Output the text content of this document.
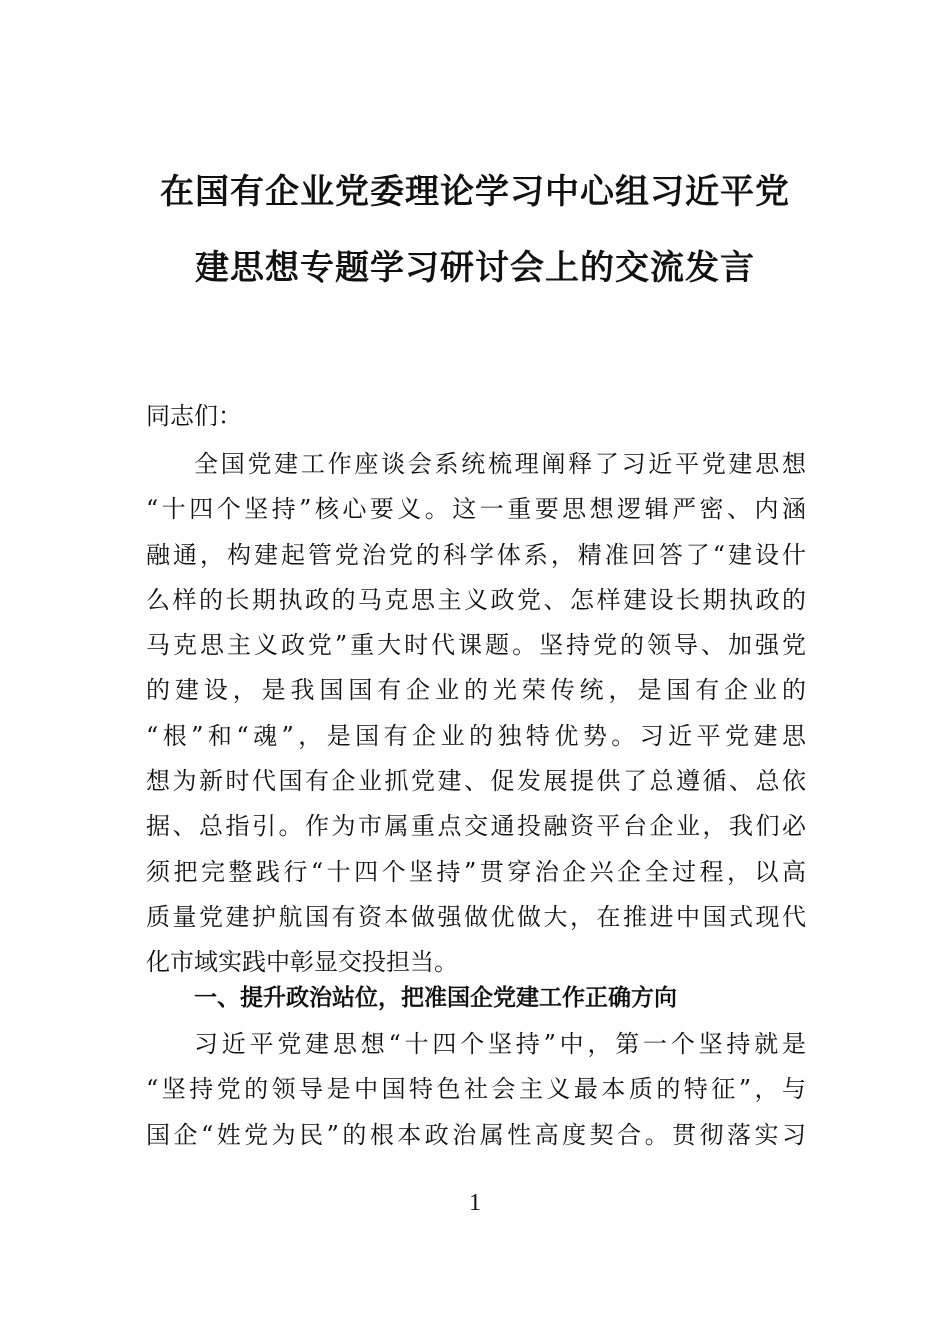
在国有企业党委理论学习中心组习近平党
建思想专题学习研讨会上的交流发言
同志们：
全国党建工作座谈会系统梳理阐释了习近平党建思想
“十四个坚持”核心要义。这一重要思想逻辑严密、内涵
融通，构建起管党治党的科学体系，精准回答了“建设什
么样的长期执政的马克思主义政党、怎样建设长期执政的
马克思主义政党”重大时代课题。坚持党的领导、加强党
的建设，是我国国有企业的光荣传统，是国有企业的
“根”和“魂”，是国有企业的独特优势。习近平党建思
想为新时代国有企业抓党建、促发展提供了总遵循、总依
据、总指引。作为市属重点交通投融资平台企业，我们必
须把完整践行“十四个坚持”贯穿治企兴企全过程，以高
质量党建护航国有资本做强做优做大，在推进中国式现代
化市域实践中彰显交投担当。
一、提升政治站位，把准国企党建工作正确方向
习近平党建思想“十四个坚持”中，第一个坚持就是
“坚持党的领导是中国特色社会主义最本质的特征”，与
国企“姓党为民”的根本政治属性高度契合。贯彻落实习
1
